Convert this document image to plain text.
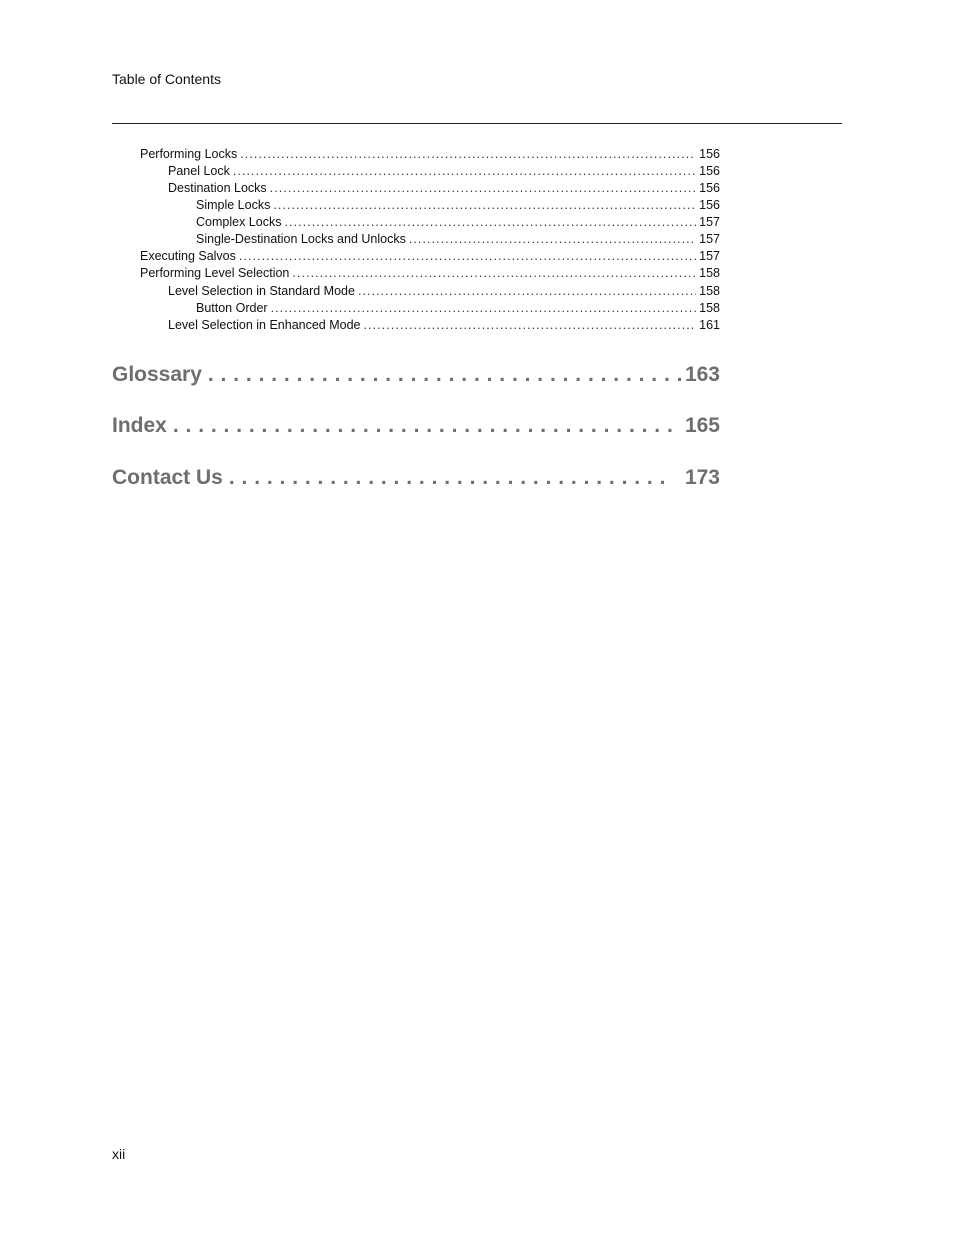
Table of Contents
Performing Locks . . .	156
Panel Lock . . .	156
Destination Locks . . .	156
Simple Locks . . .	156
Complex Locks . . .	157
Single-Destination Locks and Unlocks . . .	157
Executing Salvos . . .	157
Performing Level Selection . . .	158
Level Selection in Standard Mode . . .	158
Button Order . . .	158
Level Selection in Enhanced Mode . . .	161
Glossary . . .	163
Index . . .	165
Contact Us . . .	173
xii
